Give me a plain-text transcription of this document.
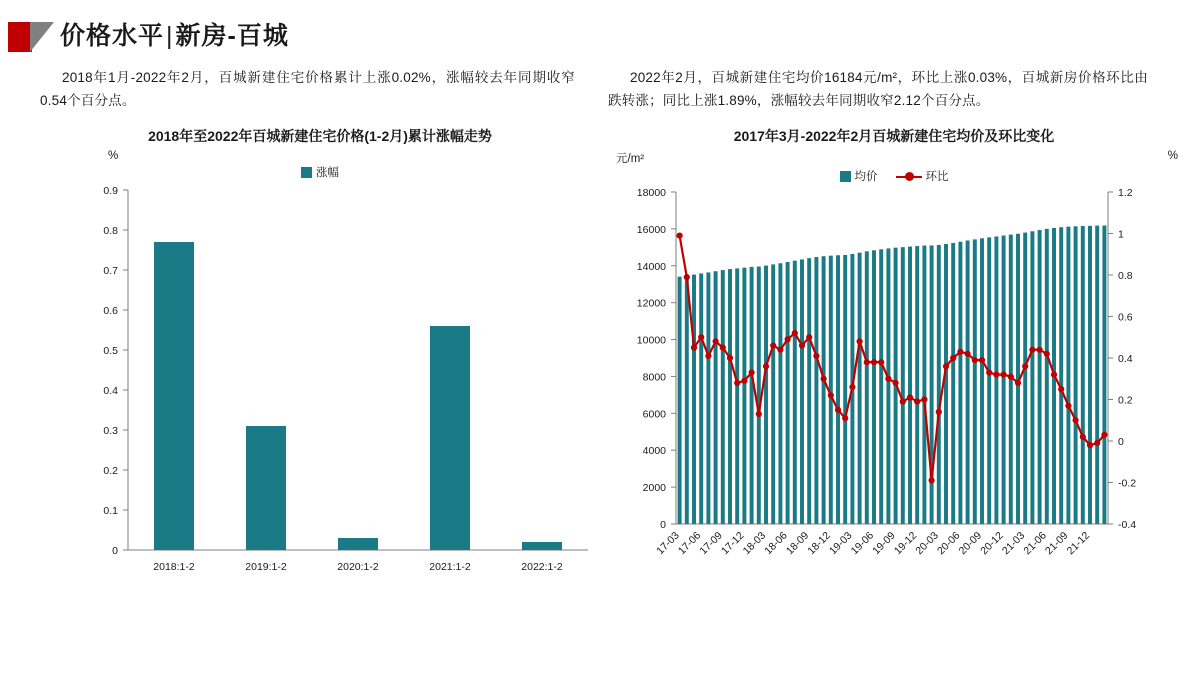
价格水平|新房-百城

2018年1月-2022年2月，百城新建住宅价格累计上涨0.02%，涨幅较去年同期收窄0.54个百分点。

2018年至2022年百城新建住宅价格(1-2月)累计涨幅走势
%
涨幅
0
0.1
0.2
0.3
0.4
0.5
0.6
0.7
0.8
0.9
2018:1-2	2019:1-2	2020:1-2	2021:1-2	2022:1-2

2022年2月，百城新建住宅均价16184元/m²，环比上涨0.03%，百城新房价格环比由跌转涨；同比上涨1.89%，涨幅较去年同期收窄2.12个百分点。

2017年3月-2022年2月百城新建住宅均价及环比变化
元/m²	%
均价	环比
0
2000
4000
6000
8000
10000
12000
14000
16000
18000
-0.4
-0.2
0
0.2
0.4
0.6
0.8
1
1.2
17-03
17-06
17-09
17-12
18-03
18-06
18-09
18-12
19-03
19-06
19-09
19-12
20-03
20-06
20-09
20-12
21-03
21-06
21-09
21-12
